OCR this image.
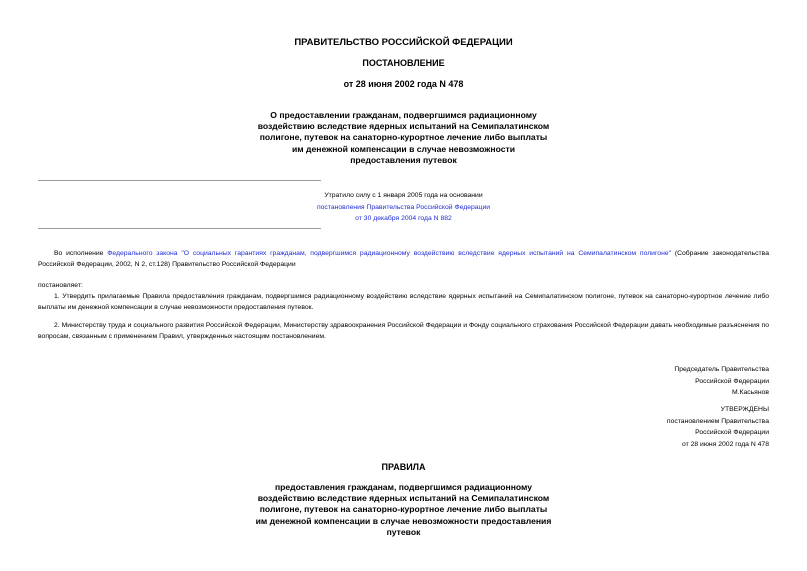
ПРАВИТЕЛЬСТВО РОССИЙСКОЙ ФЕДЕРАЦИИ
ПОСТАНОВЛЕНИЕ
от 28 июня 2002 года N 478
О предоставлении гражданам, подвергшимся радиационному
воздействию вследствие ядерных испытаний на Семипалатинском
полигоне, путевок на санаторно-курортное лечение либо выплаты
им денежной компенсации в случае невозможности
предоставления путевок
Утратило силу с 1 января 2005 года на основании
постановления Правительства Российской Федерации
от 30 декабря 2004 года N 882
Во исполнение Федерального закона "О социальных гарантиях гражданам, подвергшимся радиационному воздействию вследствие ядерных испытаний на Семипалатинском полигоне" (Собрание законодательства Российской Федерации, 2002, N 2, ст.128) Правительство Российской Федерации
постановляет:
1. Утвердить прилагаемые Правила предоставления гражданам, подвергшимся радиационному воздействию вследствие ядерных испытаний на Семипалатинском полигоне, путевок на санаторно-курортное лечение либо выплаты им денежной компенсации в случае невозможности предоставления путевок.
2. Министерству труда и социального развития Российской Федерации, Министерству здравоохранения Российской Федерации и Фонду социального страхования Российской Федерации давать необходимые разъяснения по вопросам, связанным с применением Правил, утвержденных настоящим постановлением.
Председатель Правительства
Российской Федерации
М.Касьянов
УТВЕРЖДЕНЫ
постановлением Правительства
Российской Федерации
от 28 июня 2002 года N 478
ПРАВИЛА
предоставления гражданам, подвергшимся радиационному
воздействию вследствие ядерных испытаний на Семипалатинском
полигоне, путевок на санаторно-курортное лечение либо выплаты
им денежной компенсации в случае невозможности предоставления
путевок
